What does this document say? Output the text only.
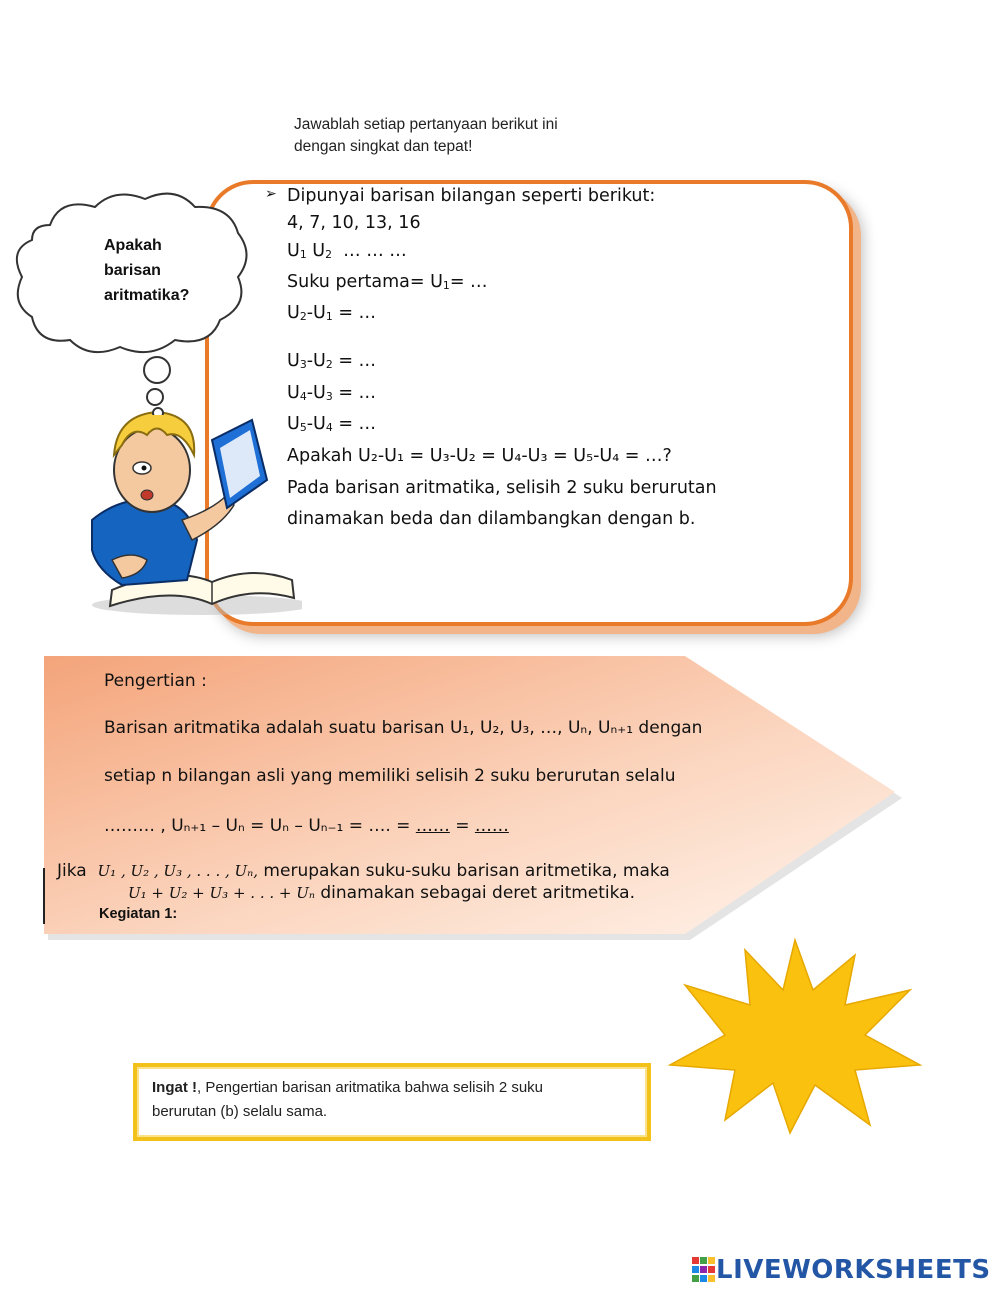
Jawablah setiap pertanyaan berikut ini
dengan singkat dan tepat!
➢ Dipunyai barisan bilangan seperti berikut:
4, 7, 10, 13, 16
$U_1$ $U_2$ … … …
Suku pertama= $U_1=$ …
$U_2-U_1$ = …
$U_3-U_2$ = …
$U_4-U_3$ = …
$U_5-U_4$ = …
Apakah U₂-U₁ = U₃-U₂ = U₄-U₃ = U₅-U₄ = …?
Pada barisan aritmatika, selisih 2 suku berurutan
dinamakan beda dan dilambangkan dengan b.
Apakah
barisan
aritmatika?
Pengertian :
Barisan aritmatika adalah suatu barisan U₁, U₂, U₃, …, Uₙ, Uₙ₊₁ dengan
setiap n bilangan asli yang memiliki selisih 2 suku berurutan selalu
……… , Uₙ₊₁ – Uₙ = Uₙ – Uₙ₋₁ = …. = …… = ……
Jika U₁ , U₂ , U₃ , . . . , Uₙ, merupakan suku-suku barisan aritmetika, maka
U₁ + U₂ + U₃ + . . . + Uₙ dinamakan sebagai deret aritmetika.
Kegiatan 1:
Ingat !, Pengertian barisan aritmatika bahwa selisih 2 suku
berurutan (b) selalu sama.
LIVEWORKSHEETS
